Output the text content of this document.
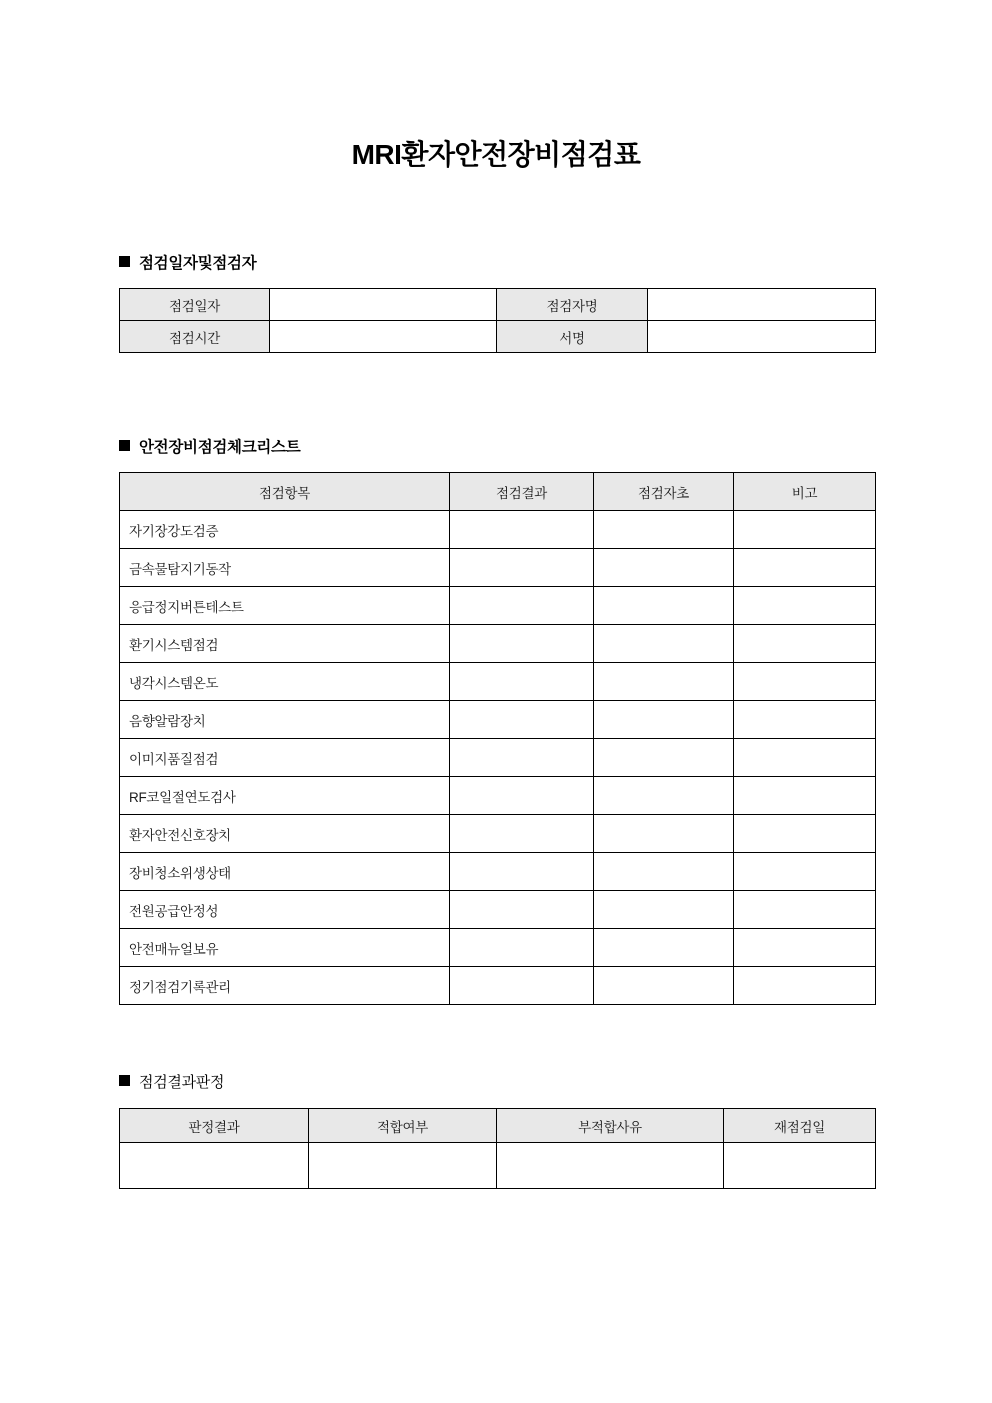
MRI환자안전장비점검표
점검일자및점검자
점검일자		점검자명	
점검시간		서명	
안전장비점검체크리스트
점검항목	점검결과	점검자초	비고
자기장강도검증			
금속물탐지기동작			
응급정지버튼테스트			
환기시스템점검			
냉각시스템온도			
음향알람장치			
이미지품질점검			
RF코일절연도검사			
환자안전신호장치			
장비청소위생상태			
전원공급안정성			
안전매뉴얼보유			
정기점검기록관리			
점검결과판정
판정결과	적합여부	부적합사유	재점검일
